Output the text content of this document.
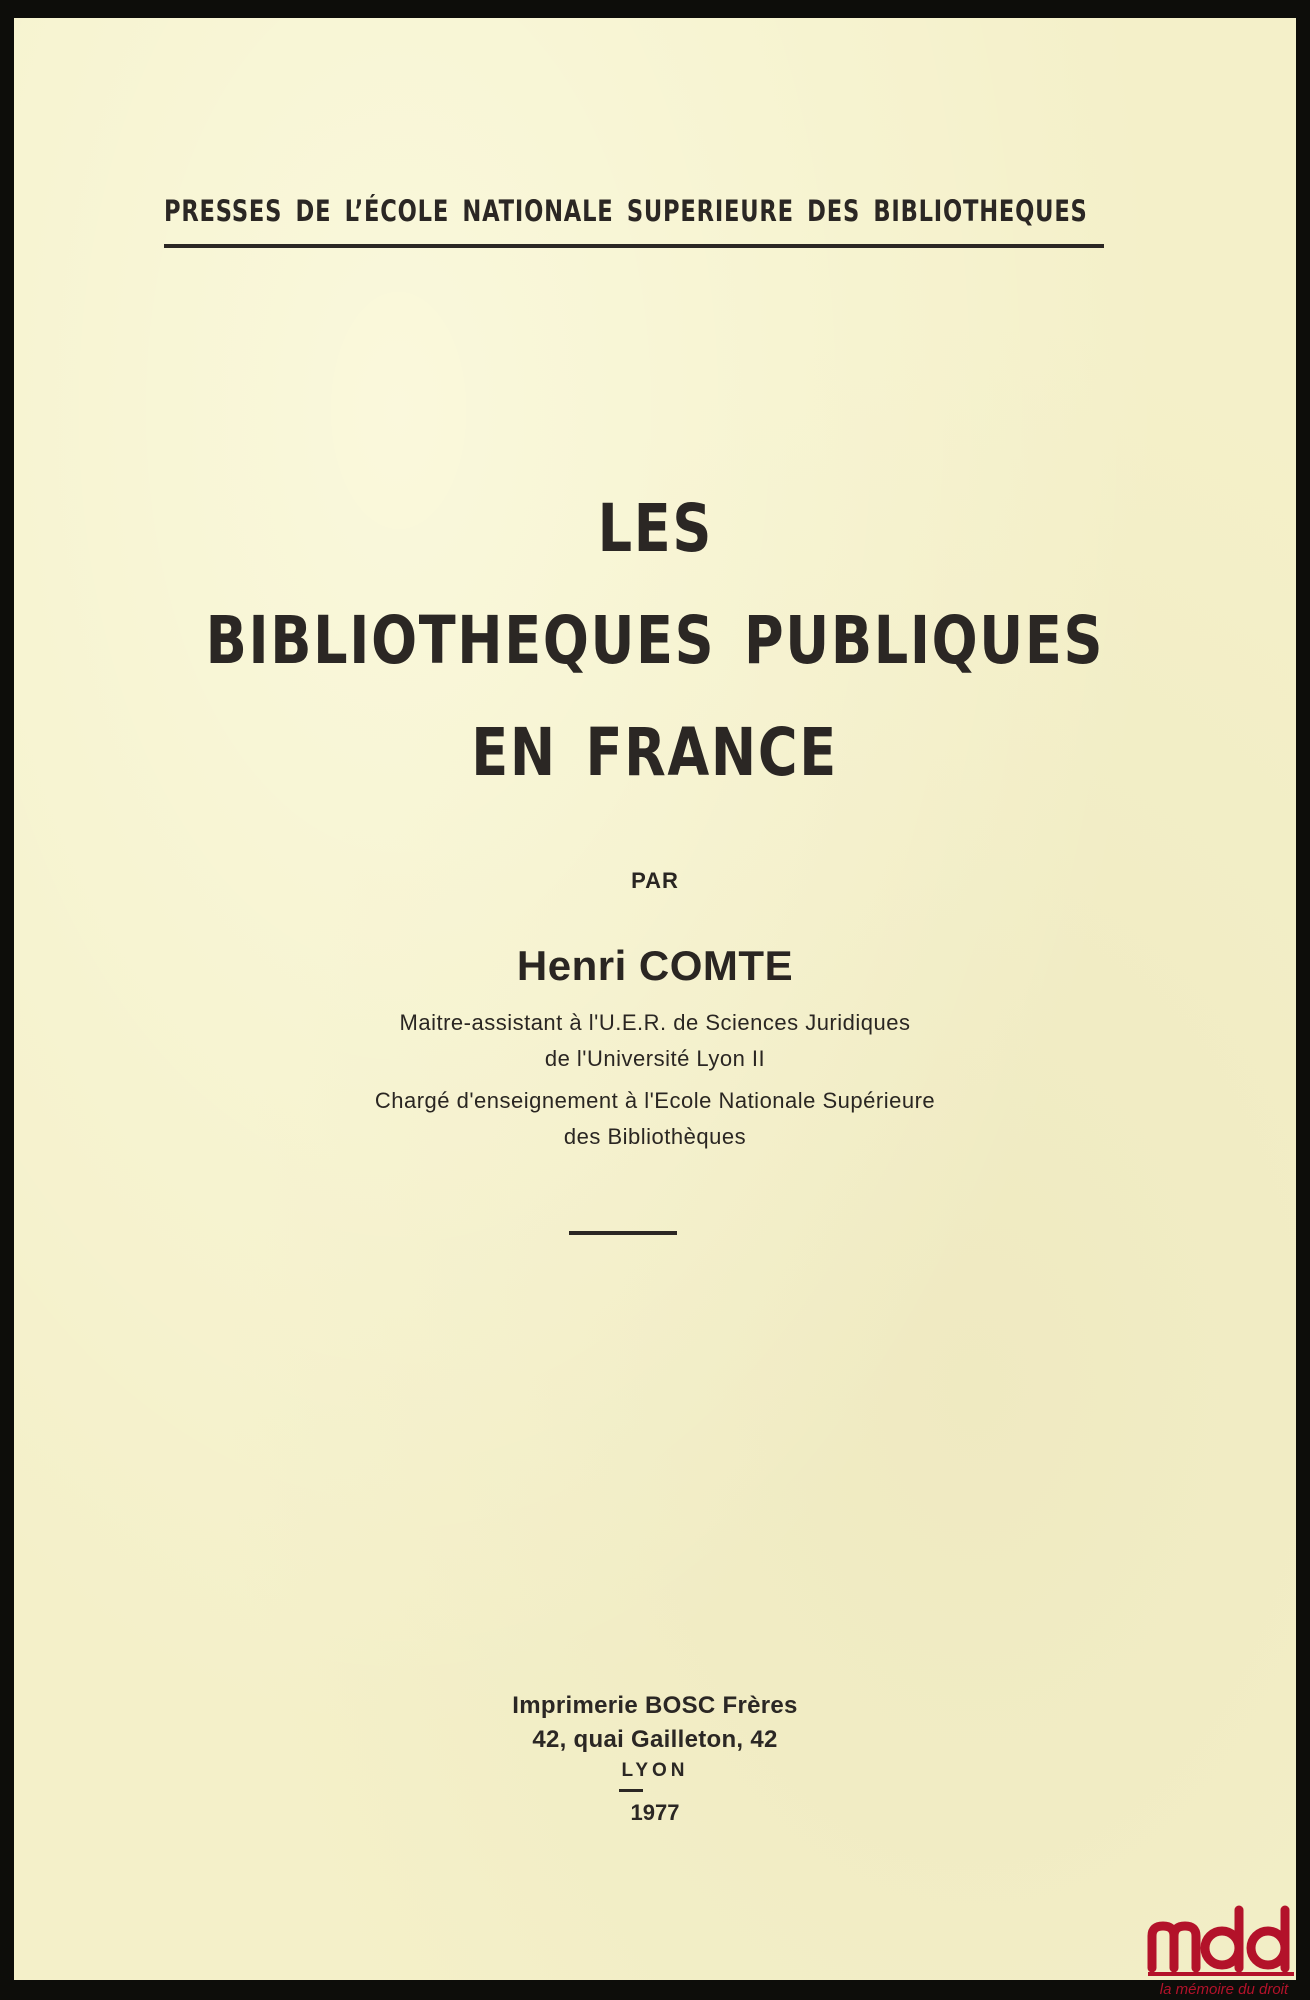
PRESSES DE L’ÉCOLE NATIONALE SUPERIEURE DES BIBLIOTHEQUES
LES
BIBLIOTHEQUES PUBLIQUES
EN FRANCE
PAR
Henri COMTE
Maitre-assistant à l'U.E.R. de Sciences Juridiques
de l'Université Lyon II
Chargé d'enseignement à l'Ecole Nationale Supérieure
des Bibliothèques
Imprimerie BOSC Frères
42, quai Gailleton, 42
LYON
1977
la mémoire du droit
